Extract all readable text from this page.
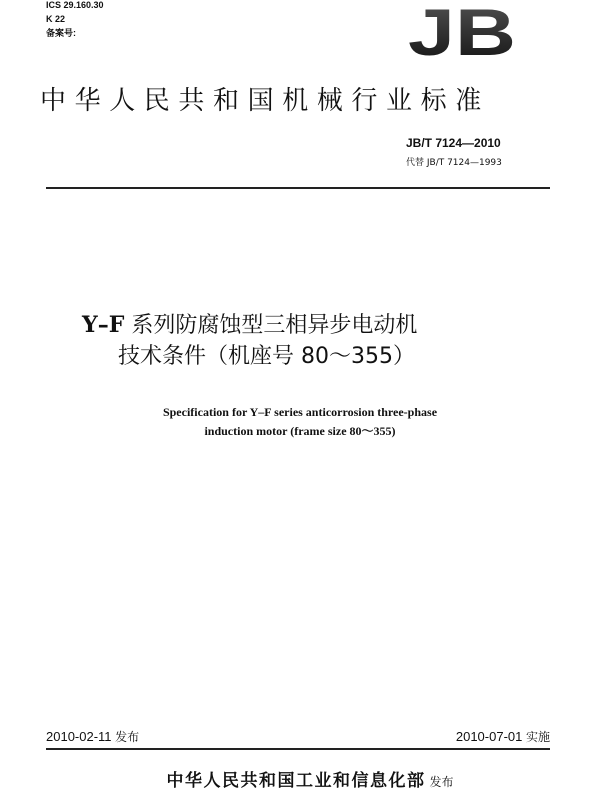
ICS 29.160.30
K 22
备案号:	JB
中华人民共和国机械行业标准
JB/T 7124—2010
代替 JB/T 7124—1993
Y–F 系列防腐蚀型三相异步电动机
技术条件（机座号 80～355）
Specification for Y–F series anticorrosion three-phase
induction motor (frame size 80～355)
2010-02-11 发布	2010-07-01 实施
中华人民共和国工业和信息化部 发布
